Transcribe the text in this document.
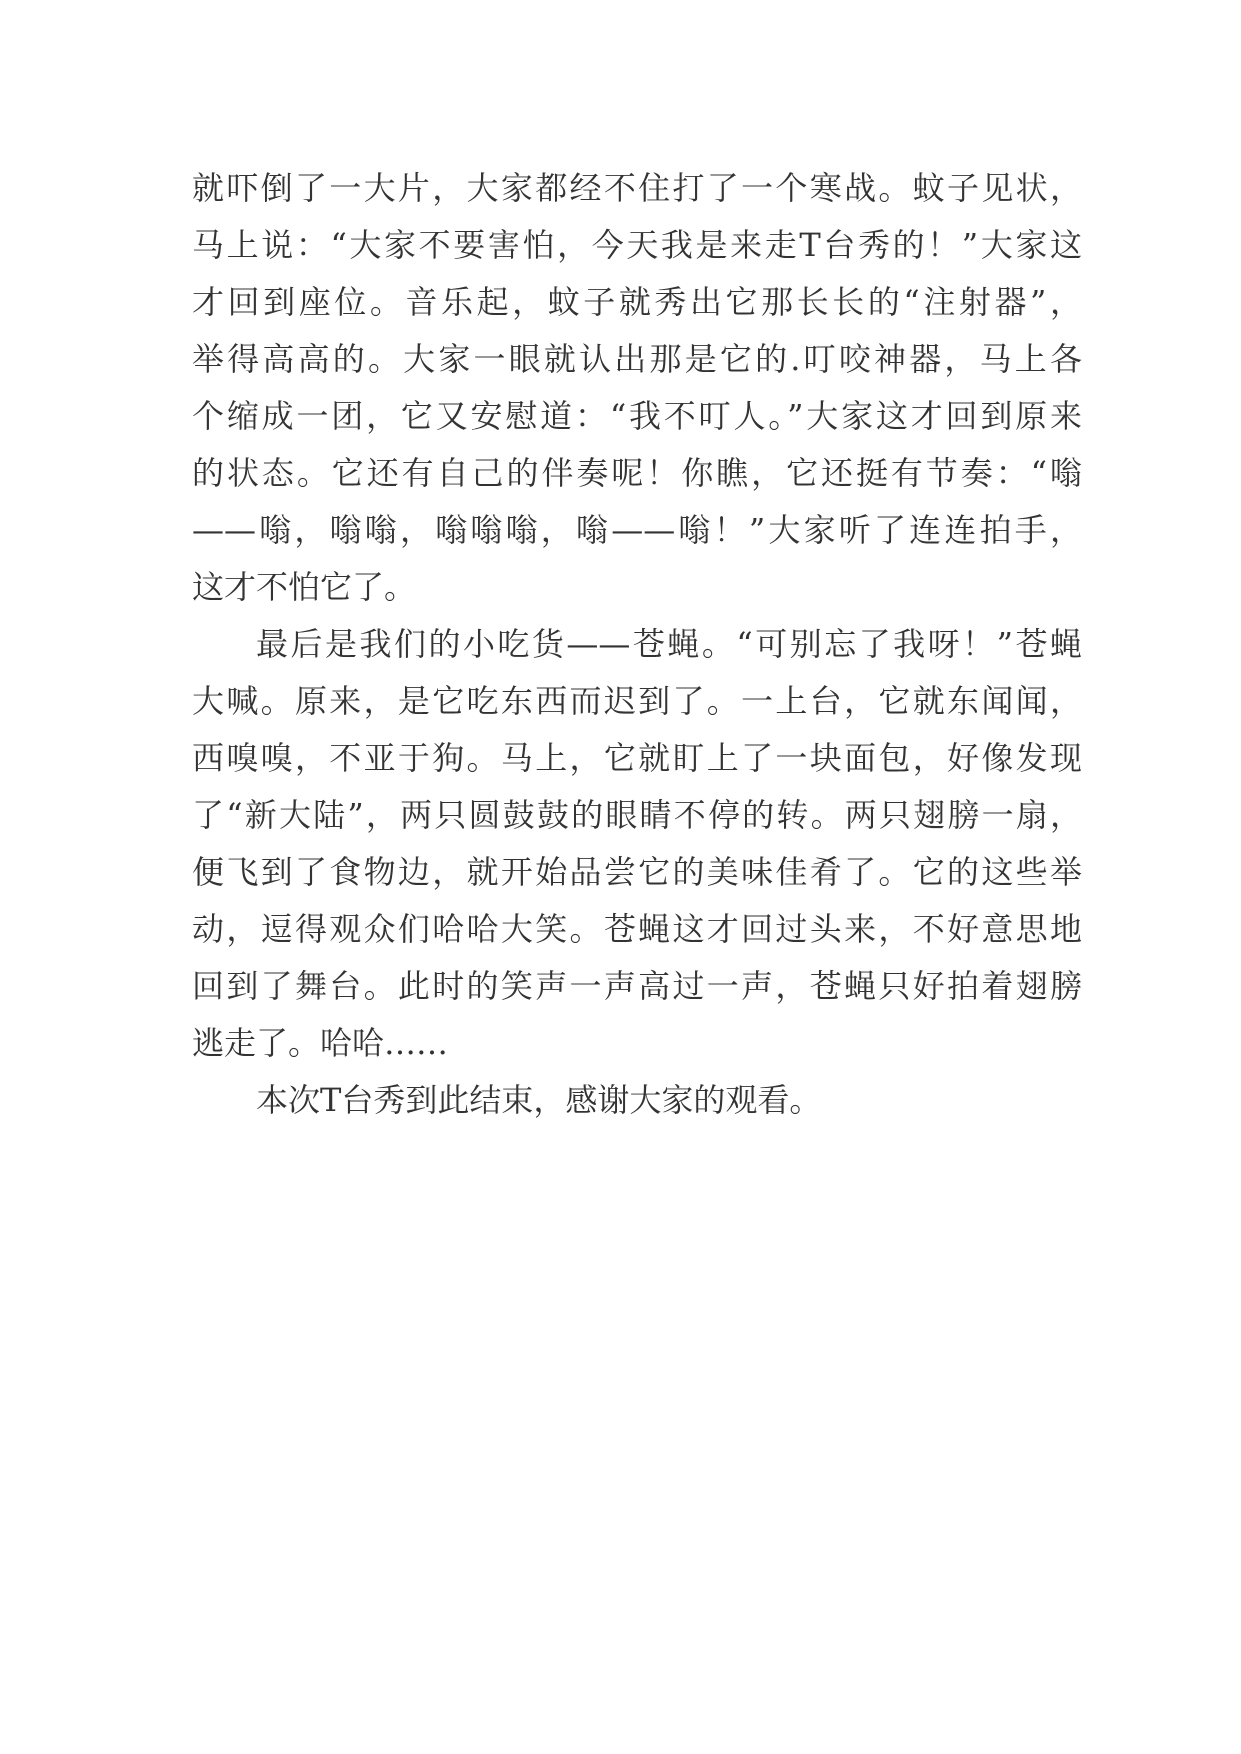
就吓倒了一大片，大家都经不住打了一个寒战。蚊子见状，
马上说：“大家不要害怕，今天我是来走T台秀的！”大家这
才回到座位。音乐起，蚊子就秀出它那长长的“注射器”，
举得高高的。大家一眼就认出那是它的.叮咬神器，马上各
个缩成一团，它又安慰道：“我不叮人。”大家这才回到原来
的状态。它还有自己的伴奏呢！你瞧，它还挺有节奏：“嗡
——嗡，嗡嗡，嗡嗡嗡，嗡——嗡！”大家听了连连拍手，
这才不怕它了。
最后是我们的小吃货——苍蝇。“可别忘了我呀！”苍蝇
大喊。原来，是它吃东西而迟到了。一上台，它就东闻闻，
西嗅嗅，不亚于狗。马上，它就盯上了一块面包，好像发现
了“新大陆”，两只圆鼓鼓的眼睛不停的转。两只翅膀一扇，
便飞到了食物边，就开始品尝它的美味佳肴了。它的这些举
动，逗得观众们哈哈大笑。苍蝇这才回过头来，不好意思地
回到了舞台。此时的笑声一声高过一声，苍蝇只好拍着翅膀
逃走了。哈哈……
本次T台秀到此结束，感谢大家的观看。
